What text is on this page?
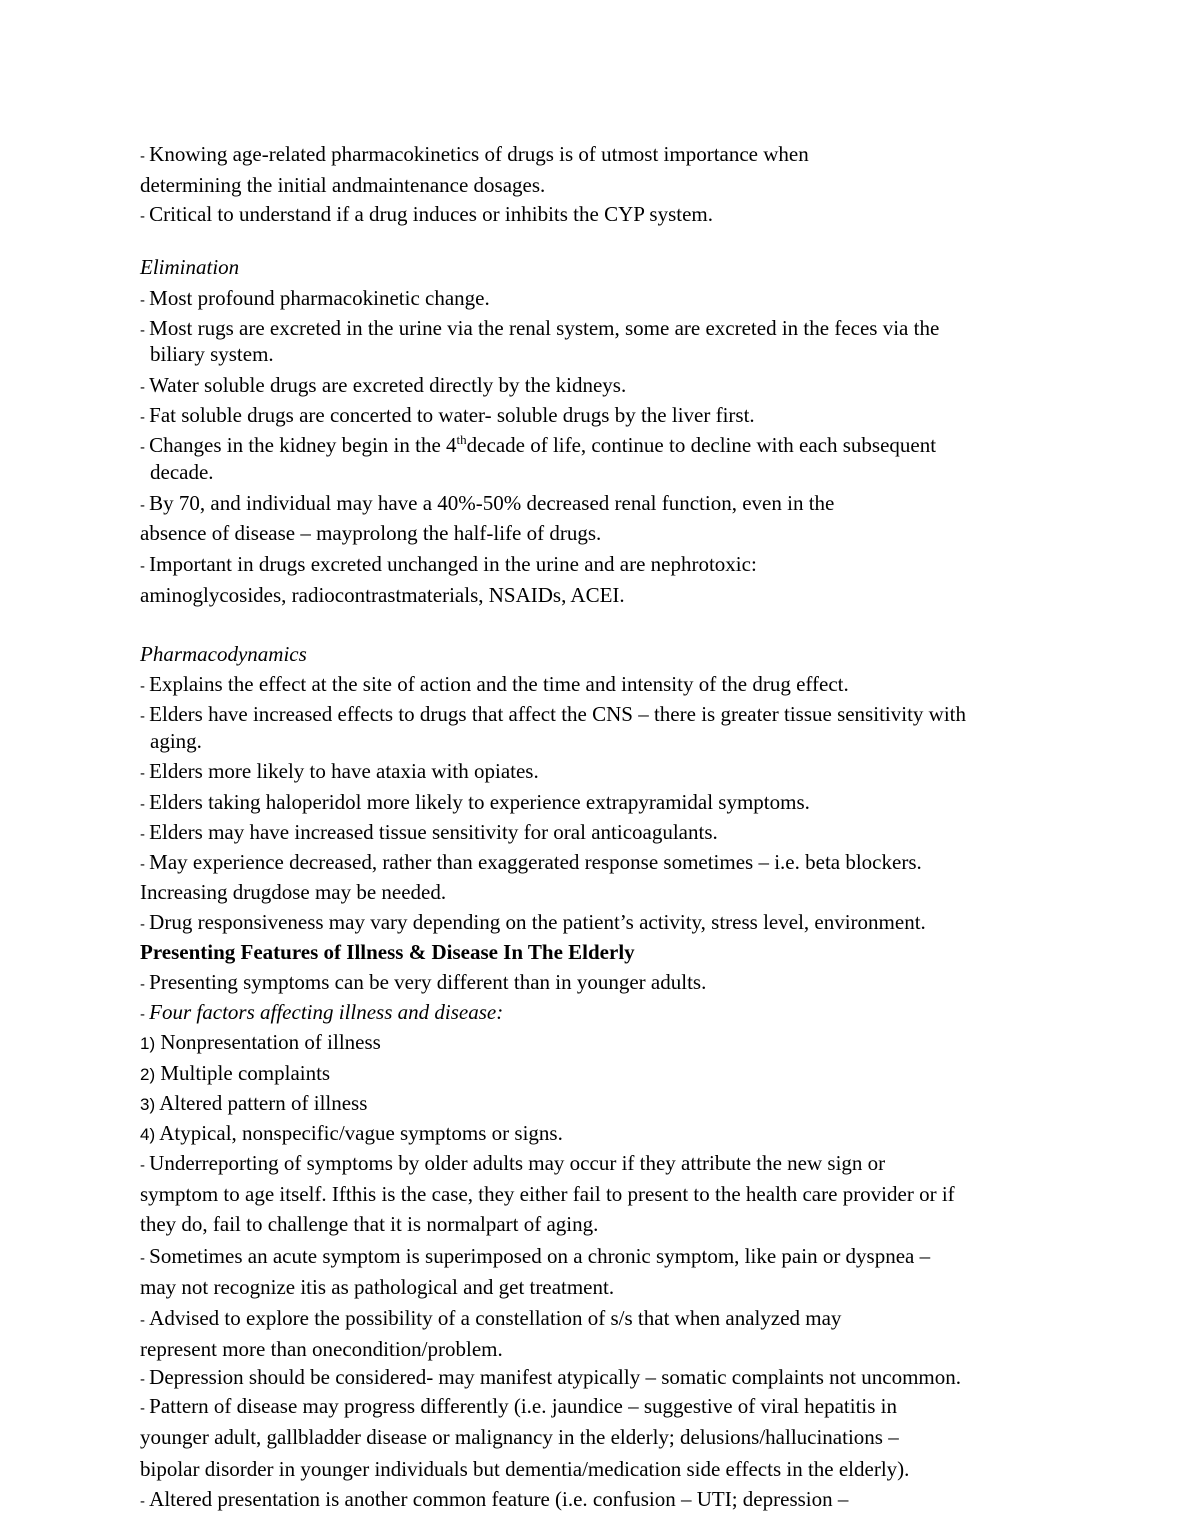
- Knowing age-related pharmacokinetics of drugs is of utmost importance when
determining the initial andmaintenance dosages.
- Critical to understand if a drug induces or inhibits the CYP system.
Elimination
- Most profound pharmacokinetic change.
- Most rugs are excreted in the urine via the renal system, some are excreted in the feces via the
biliary system.
- Water soluble drugs are excreted directly by the kidneys.
- Fat soluble drugs are concerted to water- soluble drugs by the liver first.
- Changes in the kidney begin in the 4thdecade of life, continue to decline with each subsequent
decade.
- By 70, and individual may have a 40%-50% decreased renal function, even in the
absence of disease – mayprolong the half-life of drugs.
- Important in drugs excreted unchanged in the urine and are nephrotoxic:
aminoglycosides, radiocontrastmaterials, NSAIDs, ACEI.
Pharmacodynamics
- Explains the effect at the site of action and the time and intensity of the drug effect.
- Elders have increased effects to drugs that affect the CNS – there is greater tissue sensitivity with
aging.
- Elders more likely to have ataxia with opiates.
- Elders taking haloperidol more likely to experience extrapyramidal symptoms.
- Elders may have increased tissue sensitivity for oral anticoagulants.
- May experience decreased, rather than exaggerated response sometimes – i.e. beta blockers.
Increasing drugdose may be needed.
- Drug responsiveness may vary depending on the patient’s activity, stress level, environment.
Presenting Features of Illness & Disease In The Elderly
- Presenting symptoms can be very different than in younger adults.
- Four factors affecting illness and disease:
1) Nonpresentation of illness
2) Multiple complaints
3) Altered pattern of illness
4) Atypical, nonspecific/vague symptoms or signs.
- Underreporting of symptoms by older adults may occur if they attribute the new sign or
symptom to age itself. Ifthis is the case, they either fail to present to the health care provider or if
they do, fail to challenge that it is normalpart of aging.
- Sometimes an acute symptom is superimposed on a chronic symptom, like pain or dyspnea –
may not recognize itis as pathological and get treatment.
- Advised to explore the possibility of a constellation of s/s that when analyzed may
represent more than onecondition/problem.
- Depression should be considered- may manifest atypically – somatic complaints not uncommon.
- Pattern of disease may progress differently (i.e. jaundice – suggestive of viral hepatitis in
younger adult, gallbladder disease or malignancy in the elderly; delusions/hallucinations –
bipolar disorder in younger individuals but dementia/medication side effects in the elderly).
- Altered presentation is another common feature (i.e. confusion – UTI; depression –
